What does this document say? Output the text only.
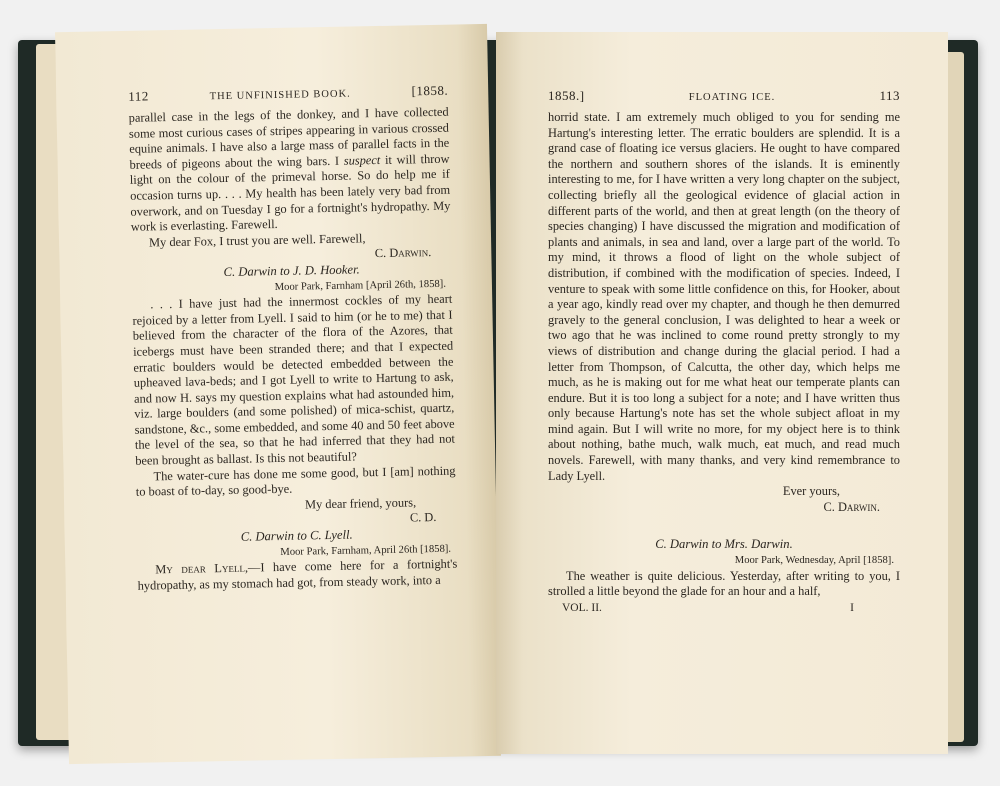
112	THE UNFINISHED BOOK.	[1858.

parallel case in the legs of the donkey, and I have collected some most curious cases of stripes appearing in various crossed equine animals. I have also a large mass of parallel facts in the breeds of pigeons about the wing bars. I suspect it will throw light on the colour of the primeval horse. So do help me if occasion turns up. . . . My health has been lately very bad from overwork, and on Tuesday I go for a fortnight's hydropathy. My work is everlasting. Farewell.

My dear Fox, I trust you are well. Farewell,

C. Darwin.

C. Darwin to J. D. Hooker.

Moor Park, Farnham [April 26th, 1858].

. . . I have just had the innermost cockles of my heart rejoiced by a letter from Lyell. I said to him (or he to me) that I believed from the character of the flora of the Azores, that icebergs must have been stranded there; and that I expected erratic boulders would be detected embedded between the upheaved lava-beds; and I got Lyell to write to Hartung to ask, and now H. says my question explains what had astounded him, viz. large boulders (and some polished) of mica-schist, quartz, sandstone, &c., some embedded, and some 40 and 50 feet above the level of the sea, so that he had inferred that they had not been brought as ballast. Is this not beautiful?

The water-cure has done me some good, but I [am] nothing to boast of to-day, so good-bye.

My dear friend, yours,

C. D.

C. Darwin to C. Lyell.

Moor Park, Farnham, April 26th [1858].

My dear Lyell,—I have come here for a fortnight's hydropathy, as my stomach had got, from steady work, into a

1858.]	FLOATING ICE.	113

horrid state. I am extremely much obliged to you for sending me Hartung's interesting letter. The erratic boulders are splendid. It is a grand case of floating ice versus glaciers. He ought to have compared the northern and southern shores of the islands. It is eminently interesting to me, for I have written a very long chapter on the subject, collecting briefly all the geological evidence of glacial action in different parts of the world, and then at great length (on the theory of species changing) I have discussed the migration and modification of plants and animals, in sea and land, over a large part of the world. To my mind, it throws a flood of light on the whole subject of distribution, if combined with the modification of species. Indeed, I venture to speak with some little confidence on this, for Hooker, about a year ago, kindly read over my chapter, and though he then demurred gravely to the general conclusion, I was delighted to hear a week or two ago that he was inclined to come round pretty strongly to my views of distribution and change during the glacial period. I had a letter from Thompson, of Calcutta, the other day, which helps me much, as he is making out for me what heat our temperate plants can endure. But it is too long a subject for a note; and I have written thus only because Hartung's note has set the whole subject afloat in my mind again. But I will write no more, for my object here is to think about nothing, bathe much, walk much, eat much, and read much novels. Farewell, with many thanks, and very kind remembrance to Lady Lyell.

Ever yours,

C. Darwin.

C. Darwin to Mrs. Darwin.

Moor Park, Wednesday, April [1858].

The weather is quite delicious. Yesterday, after writing to you, I strolled a little beyond the glade for an hour and a half,

VOL. II.	I
